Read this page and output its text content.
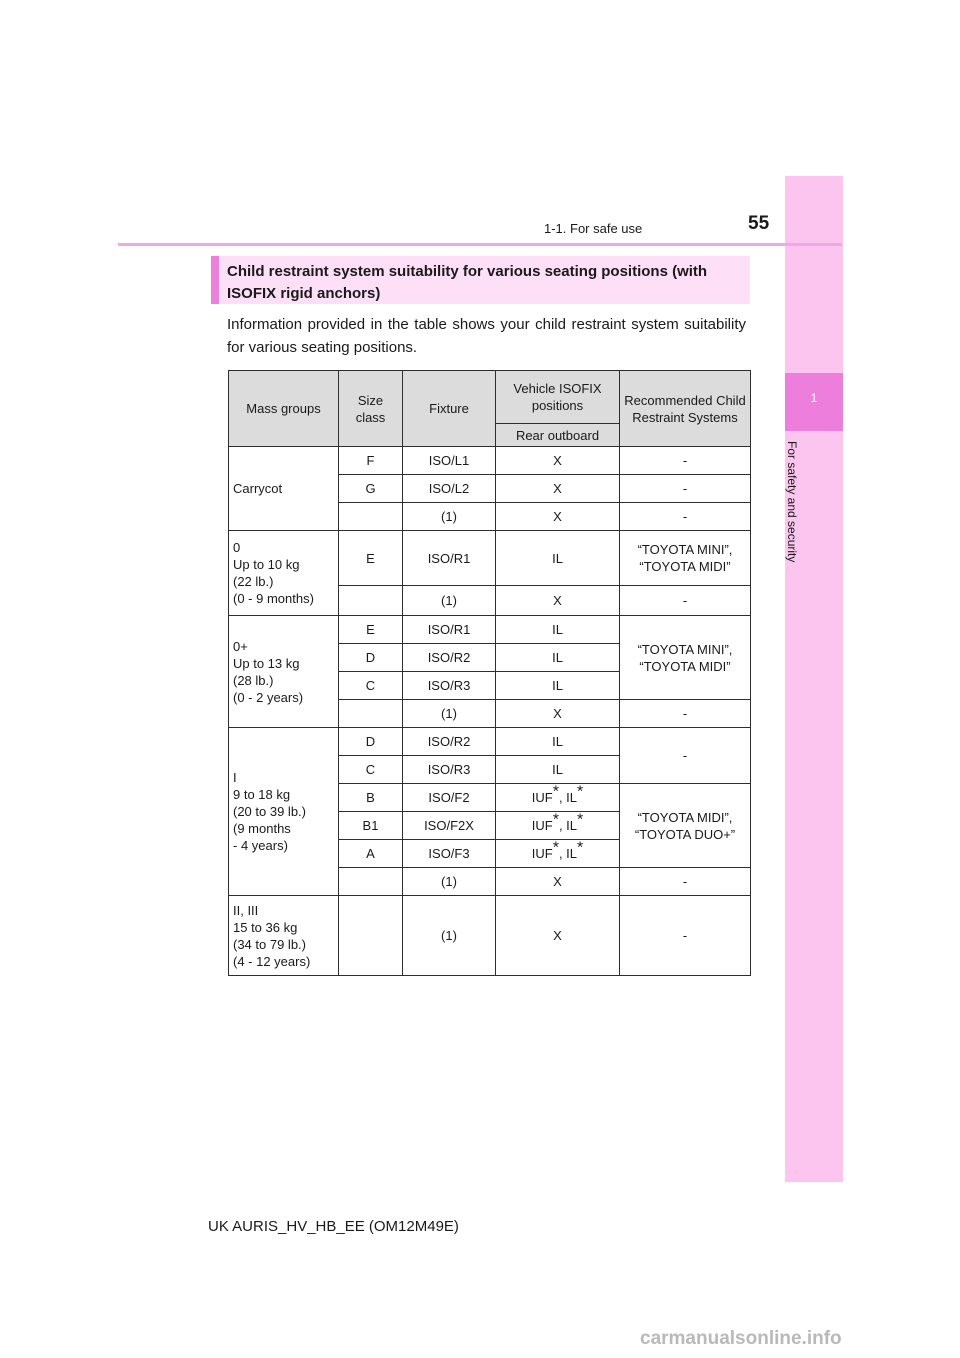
1
For safety and security
1-1. For safe use	55
Child restraint system suitability for various seating positions (with ISOFIX rigid anchors)
Information provided in the table shows your child restraint system suitability for various seating positions.
Mass groups	Size class	Fixture	Vehicle ISOFIX positions	Recommended Child Restraint Systems
			Rear outboard	
Carrycot	F	ISO/L1	X	-
	G	ISO/L2	X	-
		(1)	X	-

0
Up to 10 kg
(22 lb.)
(0 - 9 months)	E	ISO/R1	IL	“TOYOTA MINI”, “TOYOTA MIDI”
		(1)	X	-

0+
Up to 13 kg
(28 lb.)
(0 - 2 years)	E	ISO/R1	IL	“TOYOTA MINI”, “TOYOTA MIDI”
	D	ISO/R2	IL	
	C	ISO/R3	IL	
		(1)	X	-

I
9 to 18 kg
(20 to 39 lb.)
(9 months
- 4 years)	D	ISO/R2	IL	-
	C	ISO/R3	IL	
	B	ISO/F2	IUF*, IL*	“TOYOTA MIDI”, “TOYOTA DUO+”
	B1	ISO/F2X	IUF*, IL*
	A	ISO/F3	IUF*, IL*
		(1)	X	-

II, III
15 to 36 kg
(34 to 79 lb.)
(4 - 12 years)		(1)	X	-
UK AURIS_HV_HB_EE (OM12M49E)
carmanualsonline.info
